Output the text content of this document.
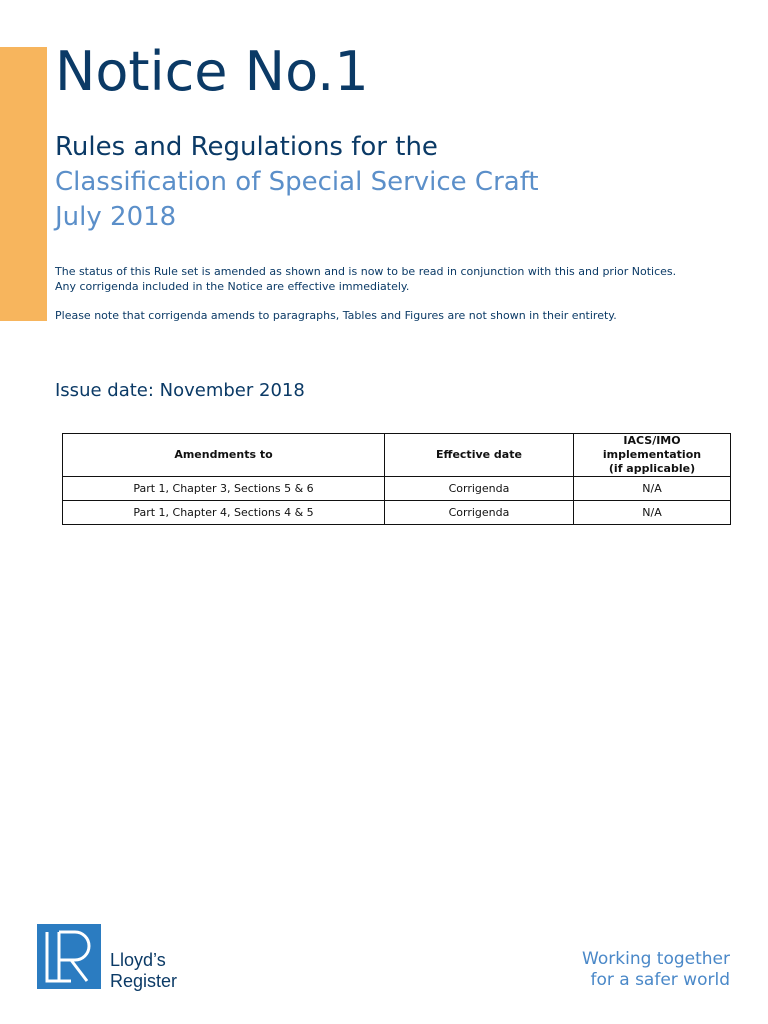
Notice No.1
Rules and Regulations for the
Classification of Special Service Craft
July 2018

The status of this Rule set is amended as shown and is now to be read in conjunction with this and prior Notices.
Any corrigenda included in the Notice are effective immediately.

Please note that corrigenda amends to paragraphs, Tables and Figures are not shown in their entirety.

Issue date: November 2018
Amendments to	Effective date	IACS/IMO implementation
(if applicable)
Part 1, Chapter 3, Sections 5 & 6	Corrigenda	N/A
Part 1, Chapter 4, Sections 4 & 5	Corrigenda	N/A
Lloyd’s
Register
Working together
for a safer world
